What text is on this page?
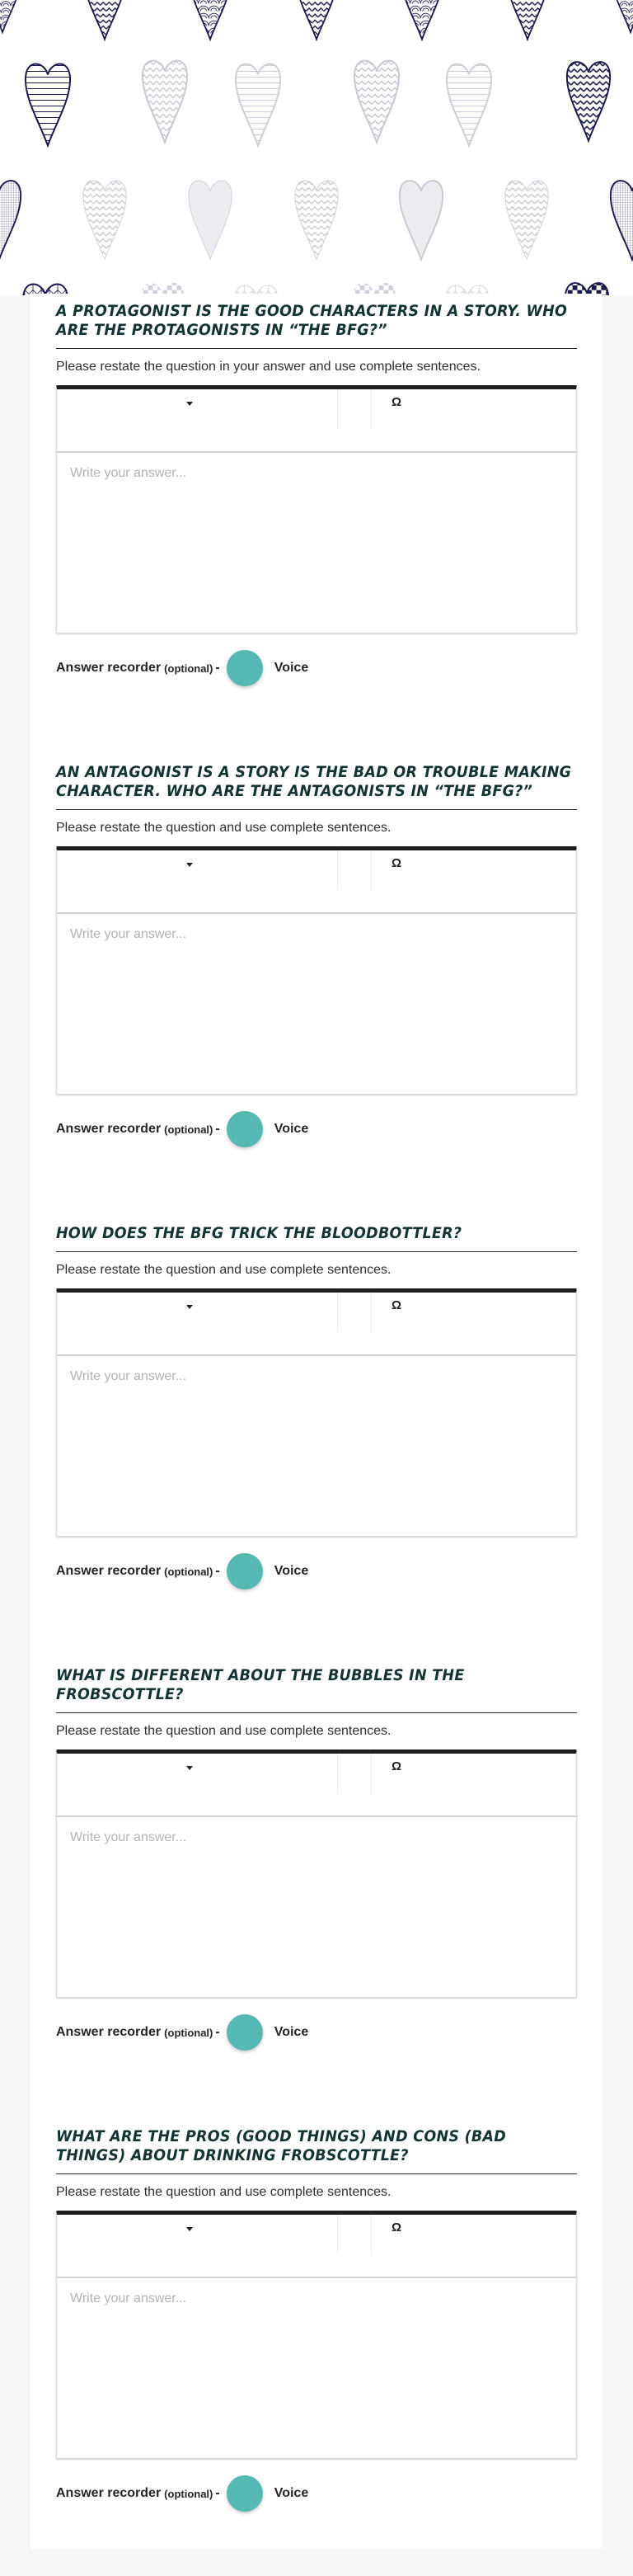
A PROTAGONIST IS THE GOOD CHARACTERS IN A STORY. WHO ARE THE PROTAGONISTS IN “THE BFG?”

Please restate the question in your answer and use complete sentences.

Ω
Write your answer...
Answer recorder (optional) -	Voice
AN ANTAGONIST IS A STORY IS THE BAD OR TROUBLE MAKING CHARACTER. WHO ARE THE ANTAGONISTS IN “THE BFG?”

Please restate the question and use complete sentences.

Ω
Write your answer...
Answer recorder (optional) -	Voice
HOW DOES THE BFG TRICK THE BLOODBOTTLER?

Please restate the question and use complete sentences.

Ω
Write your answer...
Answer recorder (optional) -	Voice
WHAT IS DIFFERENT ABOUT THE BUBBLES IN THE FROBSCOTTLE?

Please restate the question and use complete sentences.

Ω
Write your answer...
Answer recorder (optional) -	Voice
WHAT ARE THE PROS (GOOD THINGS) AND CONS (BAD THINGS) ABOUT DRINKING FROBSCOTTLE?

Please restate the question and use complete sentences.

Ω
Write your answer...
Answer recorder (optional) -	Voice
